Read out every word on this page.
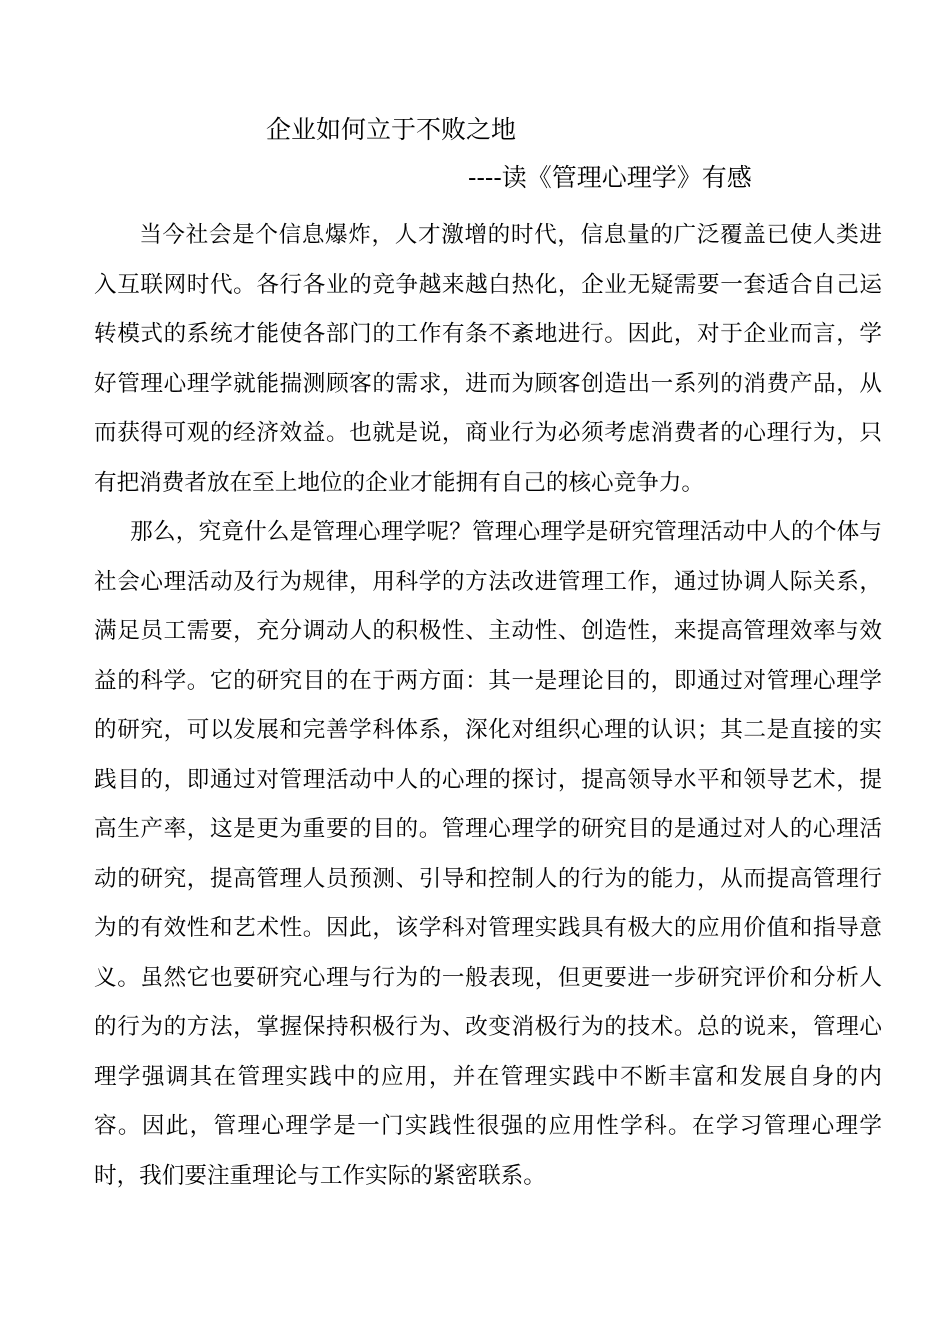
企业如何立于不败之地
----读《管理心理学》有感

当今社会是个信息爆炸，人才激增的时代，信息量的广泛覆盖已使人类进入互联网时代。各行各业的竞争越来越白热化，企业无疑需要一套适合自己运转模式的系统才能使各部门的工作有条不紊地进行。因此，对于企业而言，学好管理心理学就能揣测顾客的需求，进而为顾客创造出一系列的消费产品，从而获得可观的经济效益。也就是说，商业行为必须考虑消费者的心理行为，只有把消费者放在至上地位的企业才能拥有自己的核心竞争力。

那么，究竟什么是管理心理学呢？管理心理学是研究管理活动中人的个体与社会心理活动及行为规律，用科学的方法改进管理工作，通过协调人际关系，满足员工需要，充分调动人的积极性、主动性、创造性，来提高管理效率与效益的科学。它的研究目的在于两方面：其一是理论目的，即通过对管理心理学的研究，可以发展和完善学科体系，深化对组织心理的认识；其二是直接的实践目的，即通过对管理活动中人的心理的探讨，提高领导水平和领导艺术，提高生产率，这是更为重要的目的。管理心理学的研究目的是通过对人的心理活动的研究，提高管理人员预测、引导和控制人的行为的能力，从而提高管理行为的有效性和艺术性。因此，该学科对管理实践具有极大的应用价值和指导意义。虽然它也要研究心理与行为的一般表现，但更要进一步研究评价和分析人的行为的方法，掌握保持积极行为、改变消极行为的技术。总的说来，管理心理学强调其在管理实践中的应用，并在管理实践中不断丰富和发展自身的内容。因此，管理心理学是一门实践性很强的应用性学科。在学习管理心理学时，我们要注重理论与工作实际的紧密联系。
